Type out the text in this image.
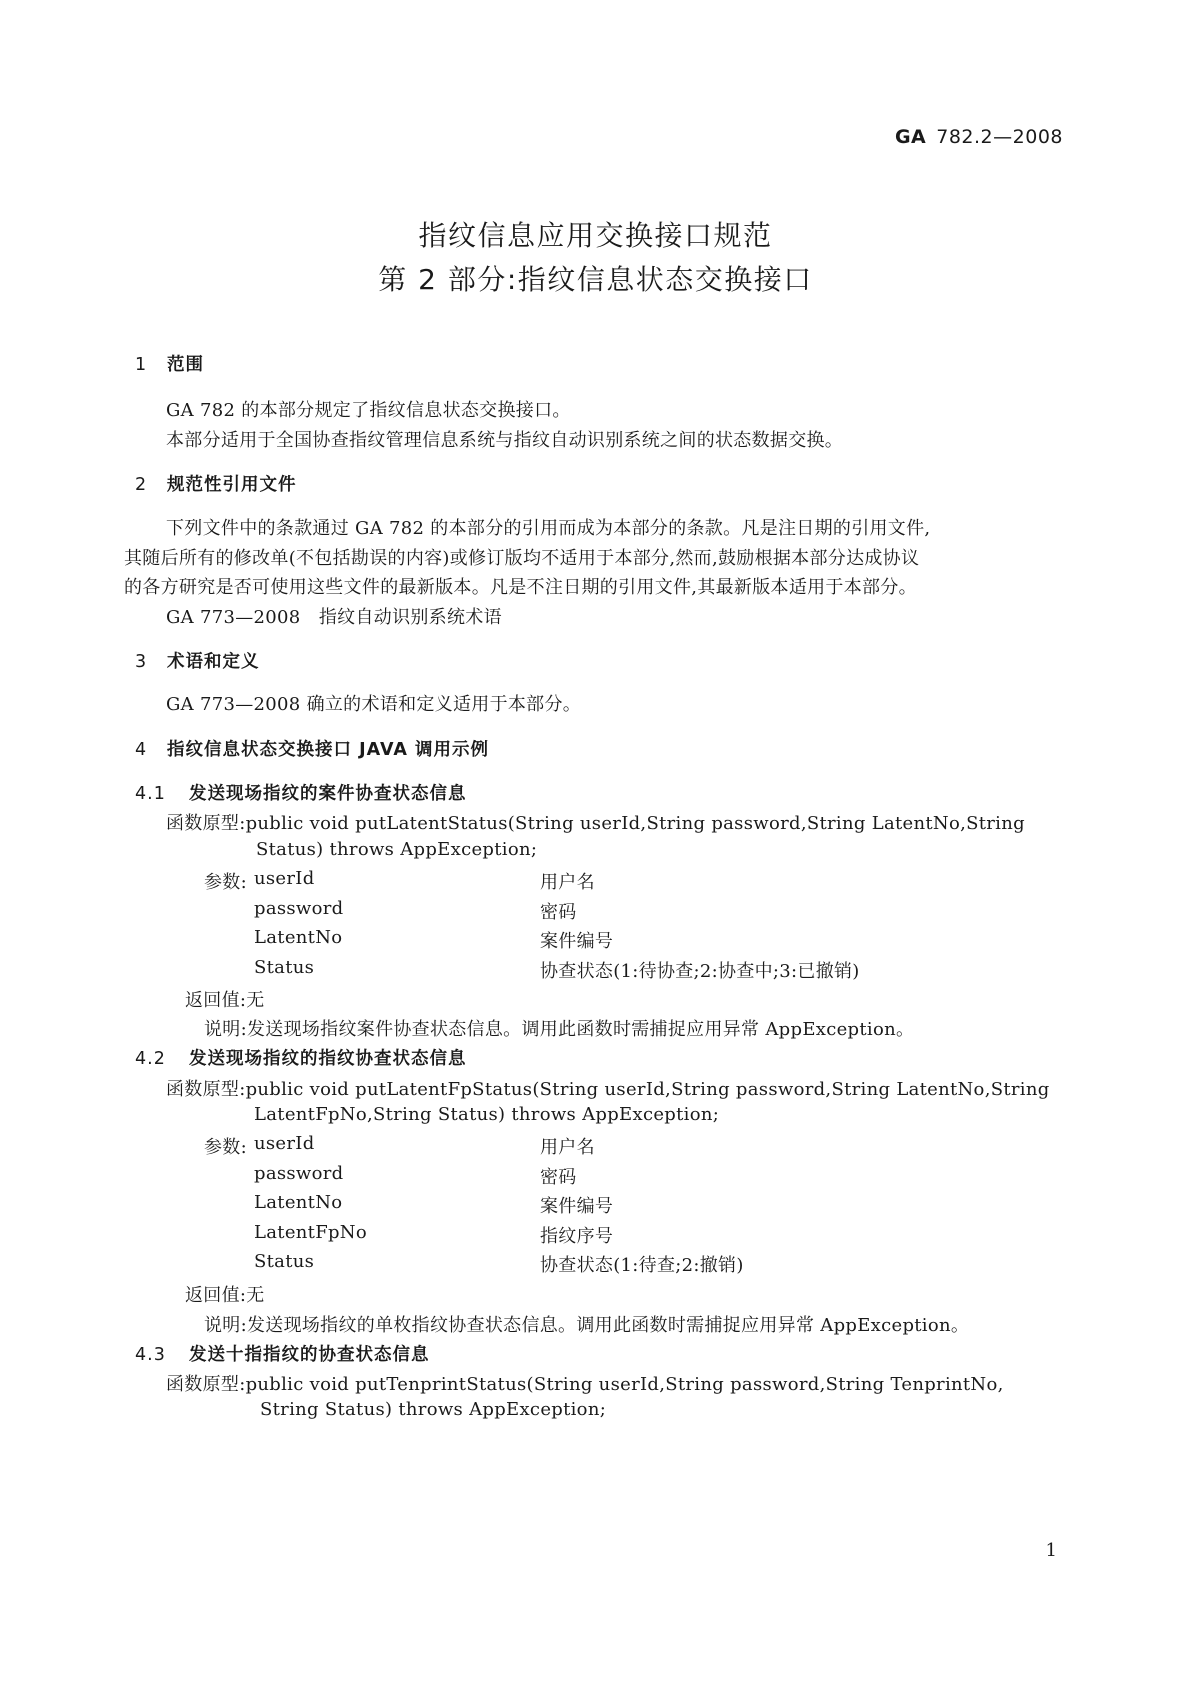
GA 782.2—2008
指纹信息应用交换接口规范
第 2 部分:指纹信息状态交换接口
1 范围
GA 782 的本部分规定了指纹信息状态交换接口。
本部分适用于全国协查指纹管理信息系统与指纹自动识别系统之间的状态数据交换。
2 规范性引用文件
下列文件中的条款通过 GA 782 的本部分的引用而成为本部分的条款。凡是注日期的引用文件,
其随后所有的修改单(不包括勘误的内容)或修订版均不适用于本部分,然而,鼓励根据本部分达成协议
的各方研究是否可使用这些文件的最新版本。凡是不注日期的引用文件,其最新版本适用于本部分。
GA 773—2008　指纹自动识别系统术语
3 术语和定义
GA 773—2008 确立的术语和定义适用于本部分。
4 指纹信息状态交换接口 JAVA 调用示例
4.1 发送现场指纹的案件协查状态信息
函数原型:public void putLatentStatus(String userId,String password,String LatentNo,String
Status) throws AppException;
参数: userId	用户名
password	密码
LatentNo	案件编号
Status	协查状态(1:待协查;2:协查中;3:已撤销)
返回值:无
说明:发送现场指纹案件协查状态信息。调用此函数时需捕捉应用异常 AppException。
4.2 发送现场指纹的指纹协查状态信息
函数原型:public void putLatentFpStatus(String userId,String password,String LatentNo,String
LatentFpNo,String Status) throws AppException;
参数: userId	用户名
password	密码
LatentNo	案件编号
LatentFpNo	指纹序号
Status	协查状态(1:待查;2:撤销)
返回值:无
说明:发送现场指纹的单枚指纹协查状态信息。调用此函数时需捕捉应用异常 AppException。
4.3 发送十指指纹的协查状态信息
函数原型:public void putTenprintStatus(String userId,String password,String TenprintNo,
String Status) throws AppException;
1
